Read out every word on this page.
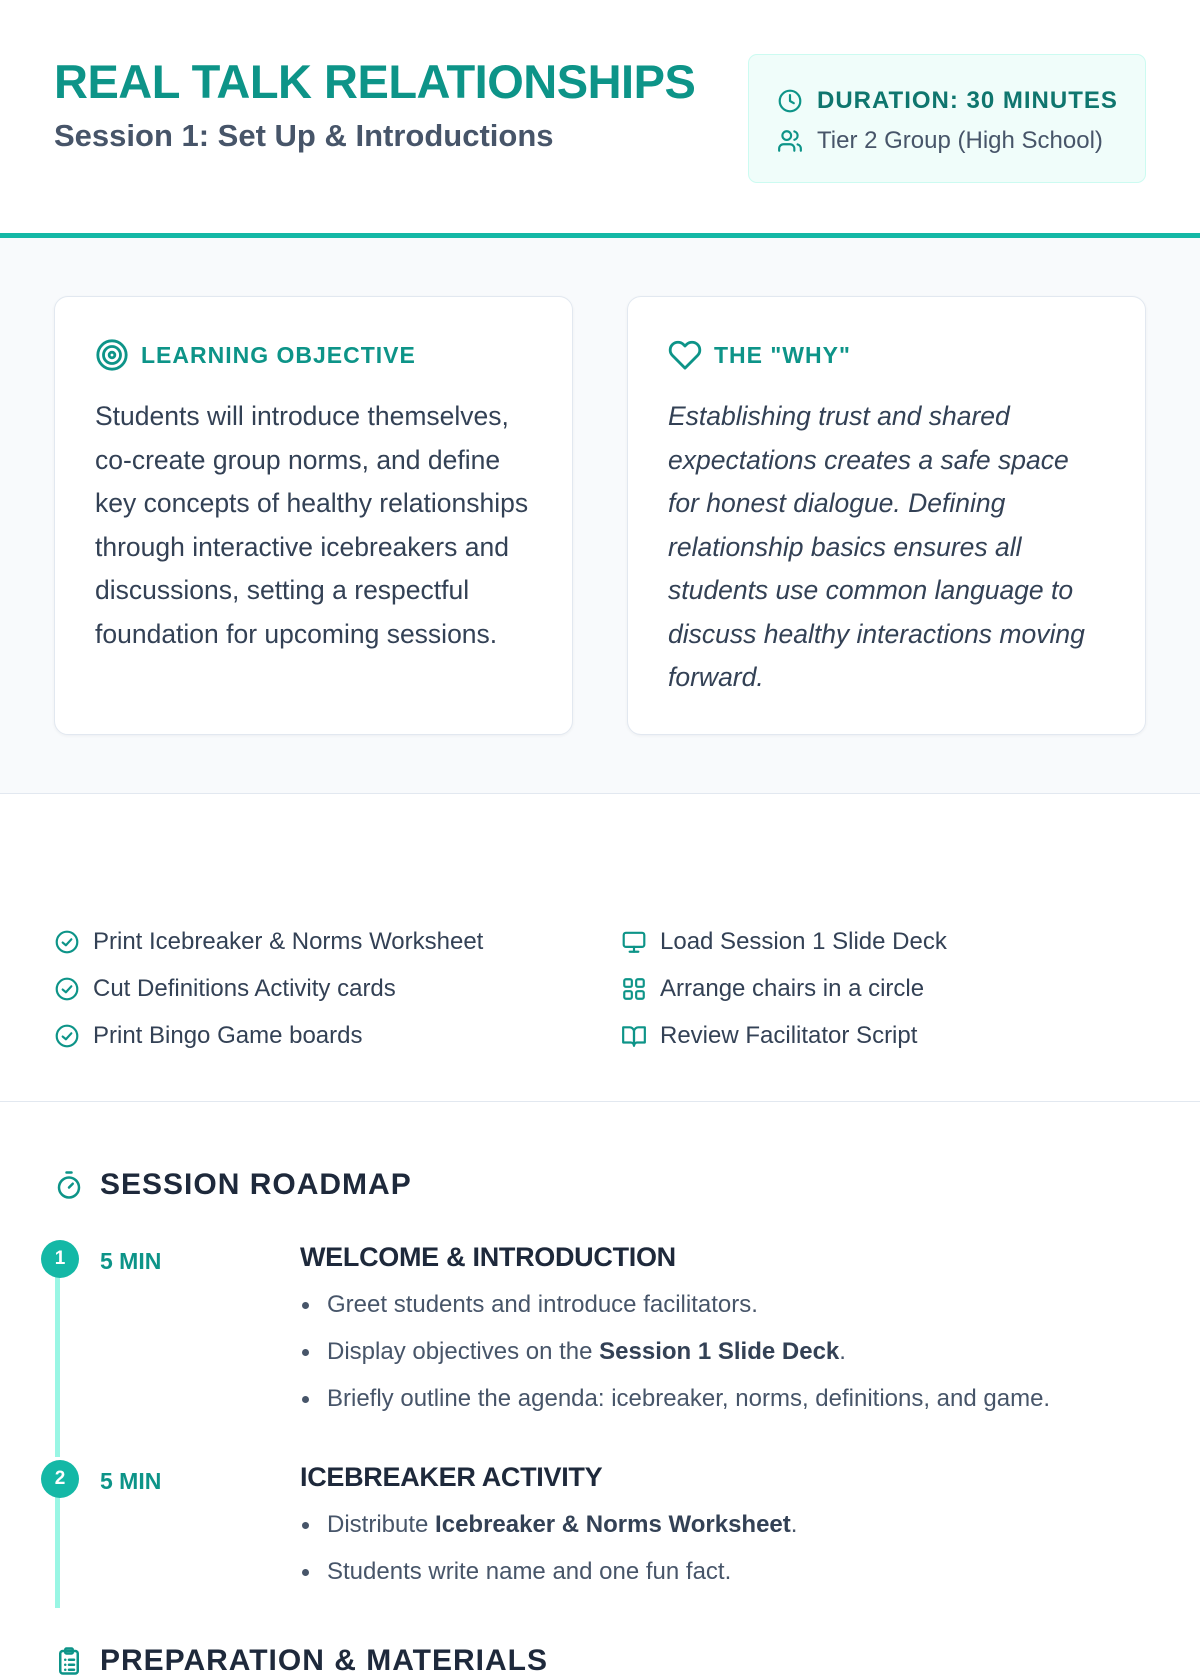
REAL TALK RELATIONSHIPS
Session 1: Set Up & Introductions
DURATION: 30 MINUTES
Tier 2 Group (High School)
LEARNING OBJECTIVE

Students will introduce themselves, co-create group norms, and define key concepts of healthy relationships through interactive icebreakers and discussions, setting a respectful foundation for upcoming sessions.

THE "WHY"

Establishing trust and shared expectations creates a safe space for honest dialogue. Defining relationship basics ensures all students use common language to discuss healthy interactions moving forward.

PREPARATION & MATERIALS
Print Icebreaker & Norms Worksheet
Cut Definitions Activity cards
Print Bingo Game boards
Load Session 1 Slide Deck
Arrange chairs in a circle
Review Facilitator Script
SESSION ROADMAP
1	5 MIN	WELCOME & INTRODUCTION
Greet students and introduce facilitators.
Display objectives on the Session 1 Slide Deck.
Briefly outline the agenda: icebreaker, norms, definitions, and game.
2	5 MIN	ICEBREAKER ACTIVITY
Distribute Icebreaker & Norms Worksheet.
Students write name and one fun fact.
